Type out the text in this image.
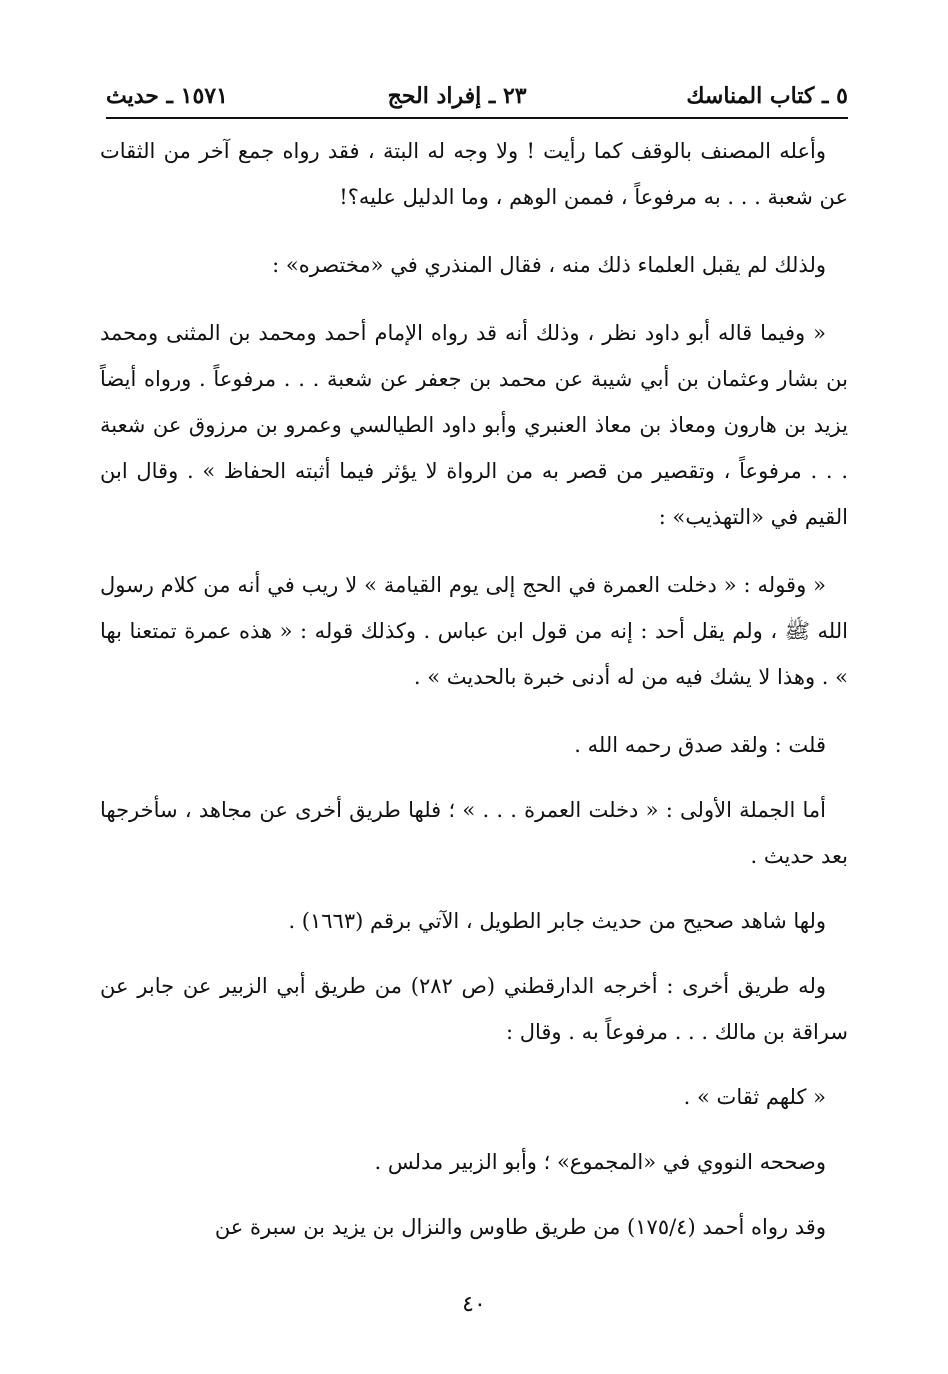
٥ ـ كتاب المناسك
٢٣ ـ إفراد الحج
١٥٧١ ـ حديث

وأعله المصنف بالوقف كما رأيت ! ولا وجه له البتة ، فقد رواه جمع آخر من الثقات عن شعبة . . . به مرفوعاً ، فممن الوهم ، وما الدليل عليه؟!

ولذلك لم يقبل العلماء ذلك منه ، فقال المنذري في «مختصره» :

« وفيما قاله أبو داود نظر ، وذلك أنه قد رواه الإمام أحمد ومحمد بن المثنى ومحمد بن بشار وعثمان بن أبي شيبة عن محمد بن جعفر عن شعبة . . . مرفوعاً . ورواه أيضاً يزيد بن هارون ومعاذ بن معاذ العنبري وأبو داود الطيالسي وعمرو بن مرزوق عن شعبة . . . مرفوعاً ، وتقصير من قصر به من الرواة لا يؤثر فيما أثبته الحفاظ » . وقال ابن القيم في «التهذيب» :

« وقوله : « دخلت العمرة في الحج إلى يوم القيامة » لا ريب في أنه من كلام رسول الله ﷺ ، ولم يقل أحد : إنه من قول ابن عباس . وكذلك قوله : « هذه عمرة تمتعنا بها » . وهذا لا يشك فيه من له أدنى خبرة بالحديث » .

قلت : ولقد صدق رحمه الله .

أما الجملة الأولى : « دخلت العمرة . . . » ؛ فلها طريق أخرى عن مجاهد ، سأخرجها بعد حديث .

ولها شاهد صحيح من حديث جابر الطويل ، الآتي برقم (١٦٦٣) .

وله طريق أخرى : أخرجه الدارقطني (ص ٢٨٢) من طريق أبي الزبير عن جابر عن سراقة بن مالك . . . مرفوعاً به . وقال :

« كلهم ثقات » .

وصححه النووي في «المجموع» ؛ وأبو الزبير مدلس .

وقد رواه أحمد (١٧٥/٤) من طريق طاوس والنزال بن يزيد بن سبرة عن

٤٠
